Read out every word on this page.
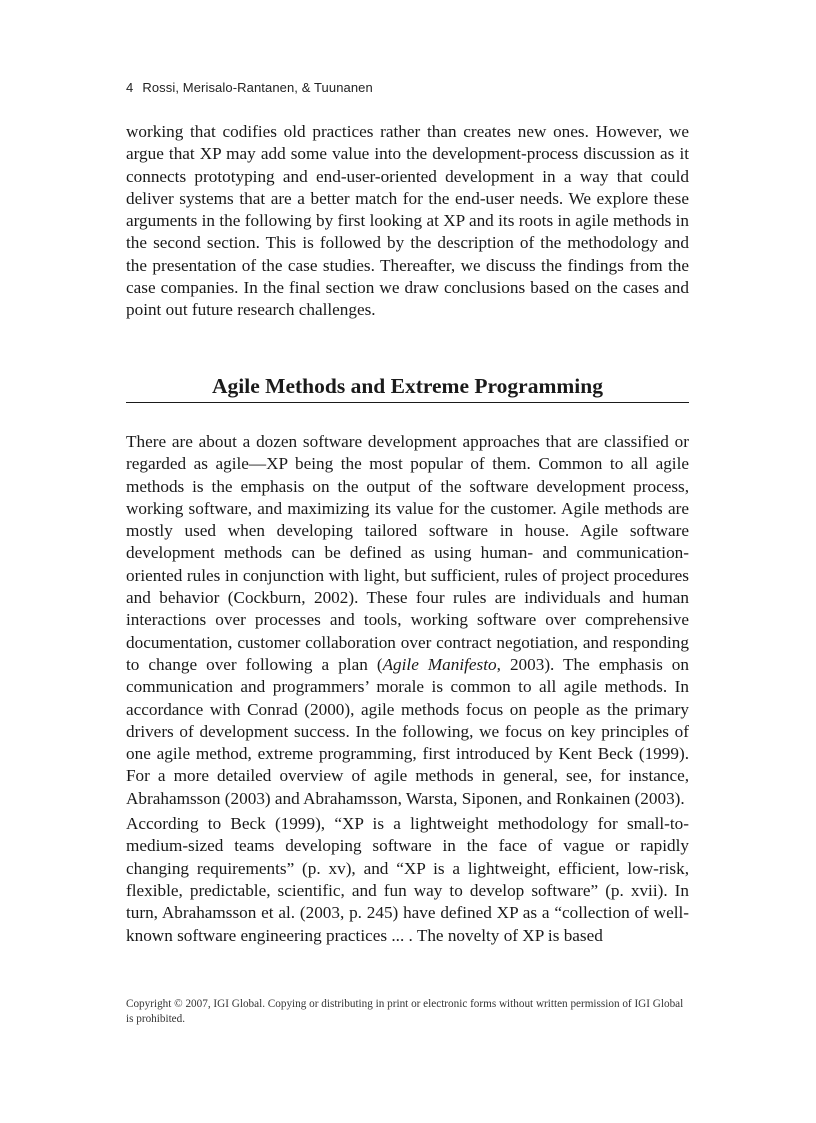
4 Rossi, Merisalo-Rantanen, & Tuunanen

working that codifies old practices rather than creates new ones. However, we argue that XP may add some value into the development-process discussion as it connects prototyping and end-user-oriented development in a way that could deliver systems that are a better match for the end-user needs. We explore these arguments in the following by first looking at XP and its roots in agile methods in the second section. This is followed by the description of the methodology and the presentation of the case studies. Thereafter, we discuss the findings from the case companies. In the final section we draw conclusions based on the cases and point out future research challenges.

Agile Methods and Extreme Programming

There are about a dozen software development approaches that are classified or regarded as agile—XP being the most popular of them. Common to all agile methods is the emphasis on the output of the software development process, working software, and maximizing its value for the customer. Agile methods are mostly used when developing tailored software in house. Agile software development methods can be defined as using human- and communication-oriented rules in conjunction with light, but sufficient, rules of project procedures and behavior (Cockburn, 2002). These four rules are individuals and human interactions over processes and tools, working software over comprehensive documentation, customer collaboration over contract negotiation, and responding to change over following a plan (Agile Manifesto, 2003). The emphasis on communication and programmers’ morale is common to all agile methods. In accordance with Conrad (2000), agile methods focus on people as the primary drivers of development success. In the following, we focus on key principles of one agile method, extreme programming, first introduced by Kent Beck (1999). For a more detailed overview of agile methods in general, see, for instance, Abrahamsson (2003) and Abrahamsson, Warsta, Siponen, and Ronkainen (2003).

According to Beck (1999), “XP is a lightweight methodology for small-to-medium-sized teams developing software in the face of vague or rapidly changing requirements” (p. xv), and “XP is a lightweight, efficient, low-risk, flexible, predictable, scientific, and fun way to develop software” (p. xvii). In turn, Abrahamsson et al. (2003, p. 245) have defined XP as a “collection of well-known software engineering practices ... . The novelty of XP is based

Copyright © 2007, IGI Global. Copying or distributing in print or electronic forms without written permission of IGI Global is prohibited.
